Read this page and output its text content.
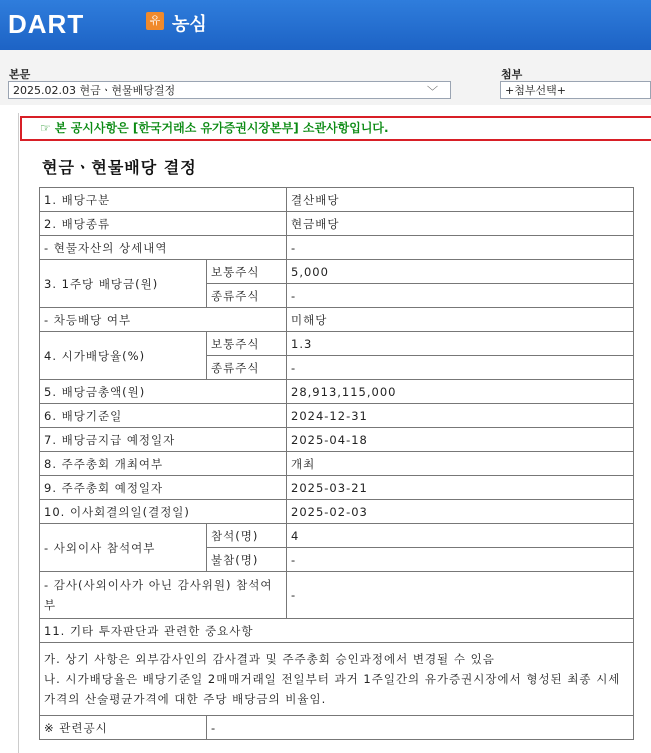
DART	유 농심
본문
2025.02.03 현금ㆍ현물배당결정	﹀
첨부
+첨부선택+
☞ 본 공시사항은 [한국거래소 유가증권시장본부] 소관사항입니다.
현금ㆍ현물배당 결정
1. 배당구분		결산배당
2. 배당종류		현금배당
- 현물자산의 상세내역		-
3. 1주당 배당금(원)	보통주식	5,000
	종류주식	-
- 차등배당 여부		미해당
4. 시가배당율(%)	보통주식	1.3
	종류주식	-
5. 배당금총액(원)		28,913,115,000
6. 배당기준일		2024-12-31
7. 배당금지급 예정일자		2025-04-18
8. 주주총회 개최여부		개최
9. 주주총회 예정일자		2025-03-21
10. 이사회결의일(결정일)		2025-02-03
- 사외이사 참석여부	참석(명)	4
	불참(명)	-
- 감사(사외이사가 아닌 감사위원) 참석여부		-
11. 기타 투자판단과 관련한 중요사항		

가. 상기 사항은 외부감사인의 감사결과 및 주주총회 승인과정에서 변경될 수 있음
나. 시가배당율은 배당기준일 2매매거래일 전일부터 과거 1주일간의 유가증권시장에서 형성된 최종 시세가격의 산술평균가격에 대한 주당 배당금의 비율임.		

※ 관련공시	-	
